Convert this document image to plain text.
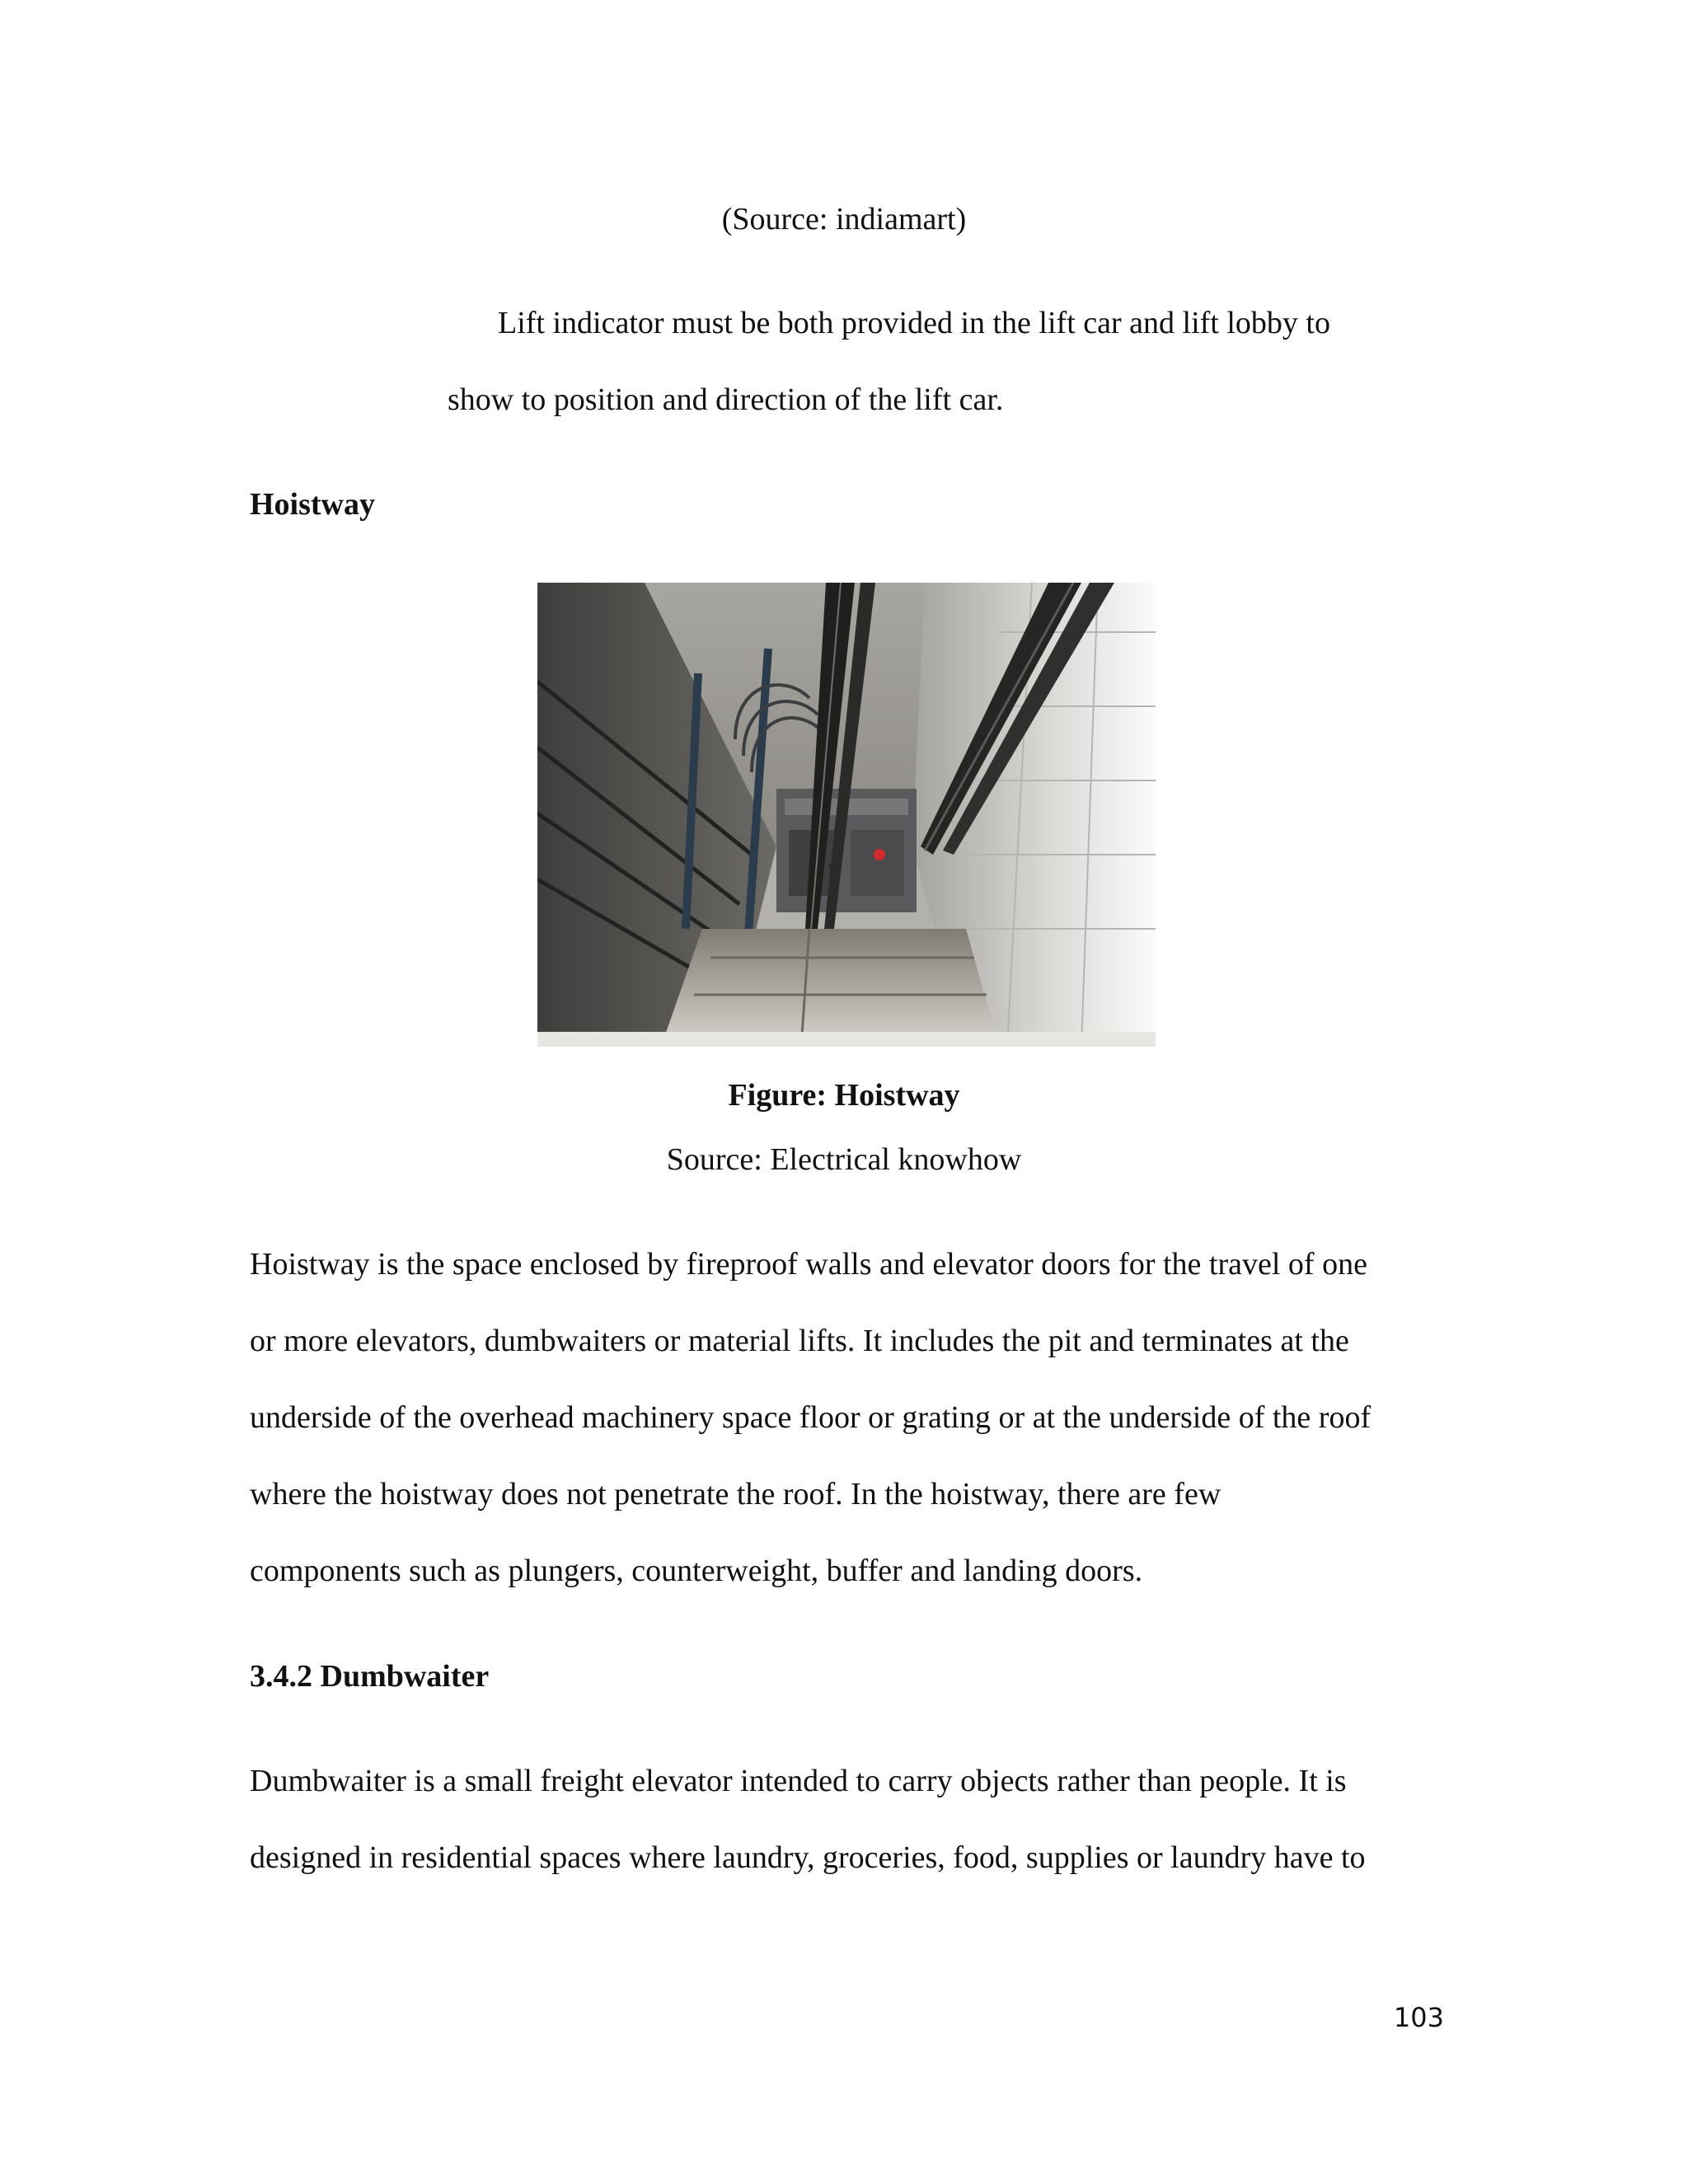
(Source: indiamart)
Lift indicator must be both provided in the lift car and lift lobby to
show to position and direction of the lift car.
Hoistway
Figure: Hoistway
Source: Electrical knowhow
Hoistway is the space enclosed by fireproof walls and elevator doors for the travel of one
or more elevators, dumbwaiters or material lifts. It includes the pit and terminates at the
underside of the overhead machinery space floor or grating or at the underside of the roof
where the hoistway does not penetrate the roof. In the hoistway, there are few
components such as plungers, counterweight, buffer and landing doors.
3.4.2 Dumbwaiter
Dumbwaiter is a small freight elevator intended to carry objects rather than people. It is
designed in residential spaces where laundry, groceries, food, supplies or laundry have to
103
